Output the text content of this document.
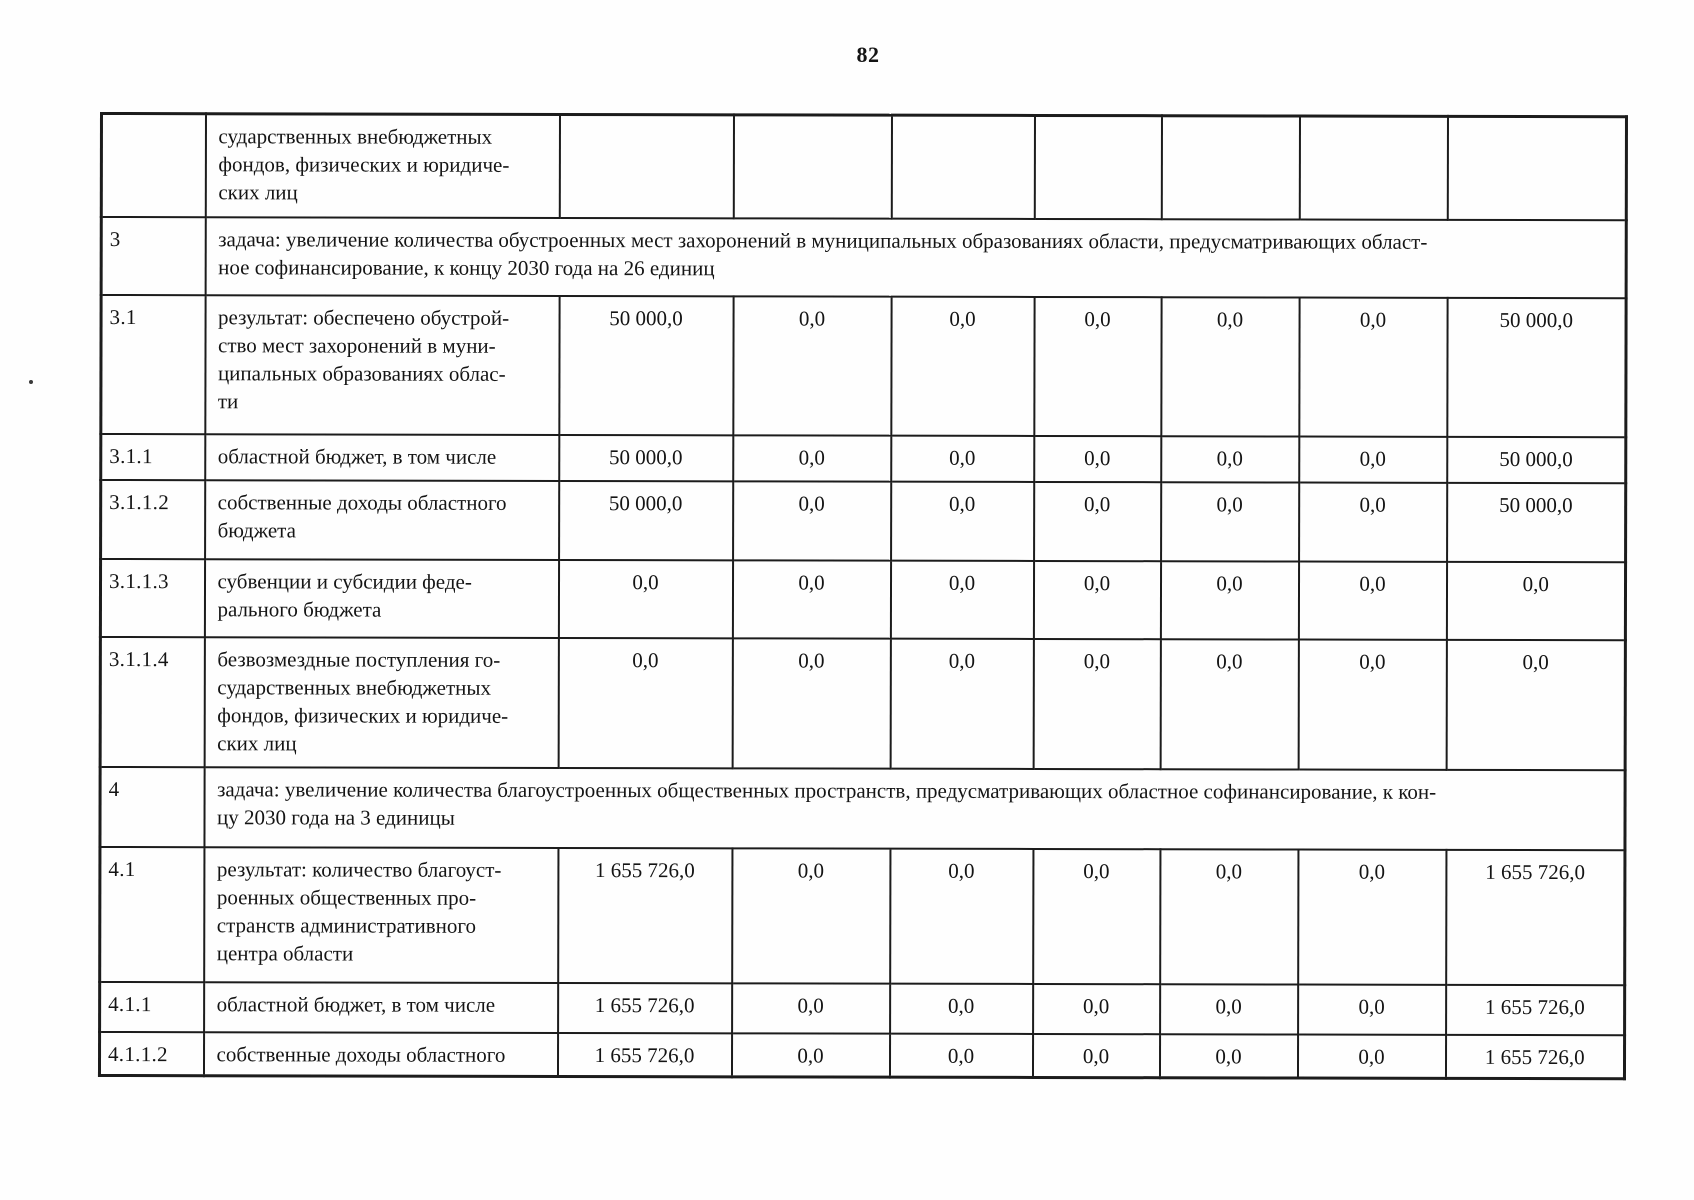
82
	сударственных внебюджетных
фондов, физических и юридиче-
ских лиц							
3	задача: увеличение количества обустроенных мест захоронений в муниципальных образованиях области, предусматривающих област-
ное софинансирование, к концу 2030 года на 26 единиц							
3.1	результат: обеспечено обустрой-
ство мест захоронений в муни-
ципальных образованиях облас-
ти	50 000,0	0,0	0,0	0,0	0,0	0,0	50 000,0
3.1.1	областной бюджет, в том числе	50 000,0	0,0	0,0	0,0	0,0	0,0	50 000,0
3.1.1.2	собственные доходы областного
бюджета	50 000,0	0,0	0,0	0,0	0,0	0,0	50 000,0
3.1.1.3	субвенции и субсидии феде-
рального бюджета	0,0	0,0	0,0	0,0	0,0	0,0	0,0
3.1.1.4	безвозмездные поступления го-
сударственных внебюджетных
фондов, физических и юридиче-
ских лиц	0,0	0,0	0,0	0,0	0,0	0,0	0,0
4	задача: увеличение количества благоустроенных общественных пространств, предусматривающих областное софинансирование, к кон-
цу 2030 года на 3 единицы							
4.1	результат: количество благоуст-
роенных общественных про-
странств административного
центра области	1 655 726,0	0,0	0,0	0,0	0,0	0,0	1 655 726,0
4.1.1	областной бюджет, в том числе	1 655 726,0	0,0	0,0	0,0	0,0	0,0	1 655 726,0
4.1.1.2	собственные доходы областного	1 655 726,0	0,0	0,0	0,0	0,0	0,0	1 655 726,0
